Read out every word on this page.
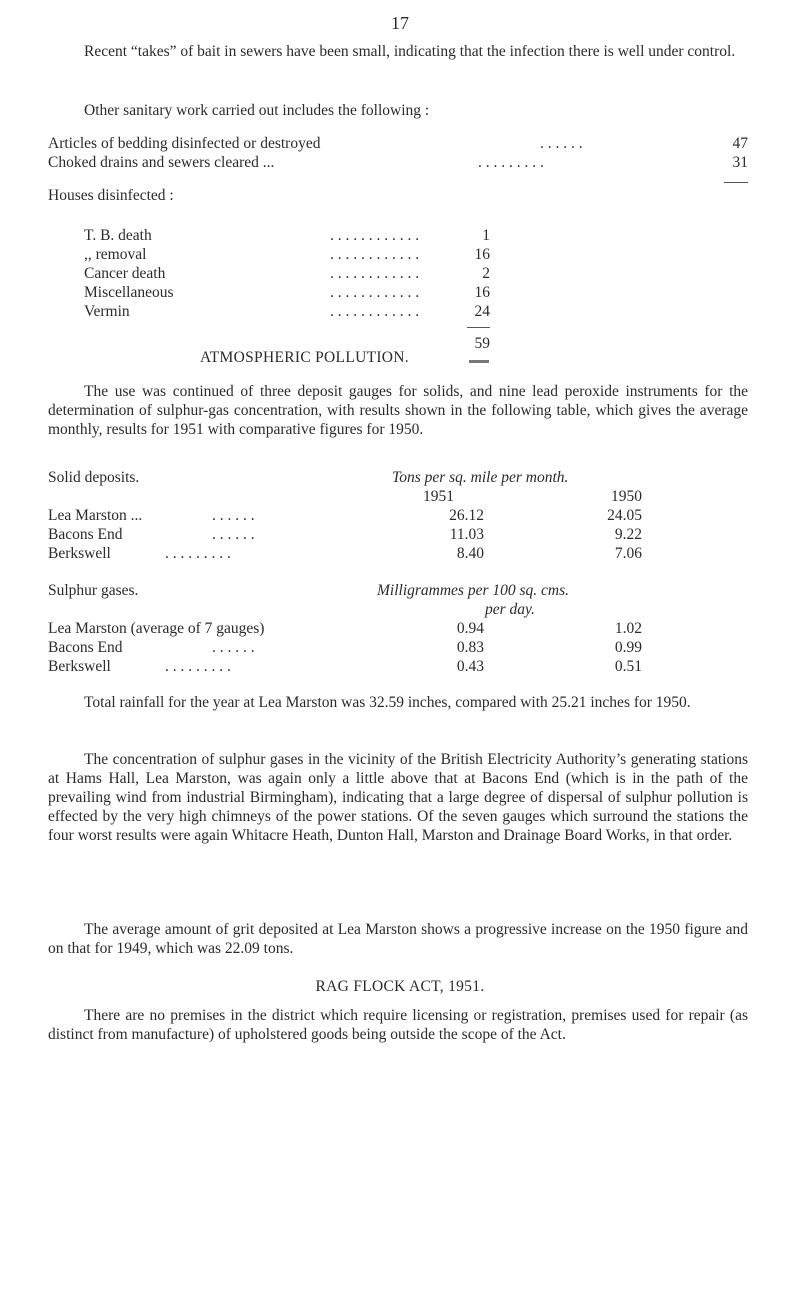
17
Recent “takes” of bait in sewers have been small, indicating that the infection there is well under control.
Other sanitary work carried out includes the following :
Articles of bedding disinfected or destroyed	. . . . . .	47
Choked drains and sewers cleared ...	. . . . . . . . .	31
Houses disinfected :
T. B. death	. . . . . . . . . . . .	1
,, removal	. . . . . . . . . . . .	16
Cancer death	. . . . . . . . . . . .	2
Miscellaneous	. . . . . . . . . . . .	16
Vermin	. . . . . . . . . . . .	24
59
ATMOSPHERIC POLLUTION.
The use was continued of three deposit gauges for solids, and nine lead peroxide instruments for the determination of sulphur-gas concentration, with results shown in the following table, which gives the average monthly, results for 1951 with comparative figures for 1950.
Solid deposits.	Tons per sq. mile per month.
1951	1950
Lea Marston ...	. . . . . .	26.12	24.05
Bacons End	. . . . . .	11.03	9.22
Berkswell	. . . . . . . . .	8.40	7.06
Sulphur gases.	Milligrammes per 100 sq. cms.
per day.
Lea Marston (average of 7 gauges)	0.94	1.02
Bacons End	. . . . . .	0.83	0.99
Berkswell	. . . . . . . . .	0.43	0.51
Total rainfall for the year at Lea Marston was 32.59 inches, compared with 25.21 inches for 1950.
The concentration of sulphur gases in the vicinity of the British Electricity Authority’s generating stations at Hams Hall, Lea Marston, was again only a little above that at Bacons End (which is in the path of the prevailing wind from industrial Birmingham), indicating that a large degree of dispersal of sulphur pollution is effected by the very high chimneys of the power stations. Of the seven gauges which surround the stations the four worst results were again Whitacre Heath, Dunton Hall, Marston and Drainage Board Works, in that order.
The average amount of grit deposited at Lea Marston shows a progressive increase on the 1950 figure and on that for 1949, which was 22.09 tons.
RAG FLOCK ACT, 1951.
There are no premises in the district which require licensing or registration, premises used for repair (as distinct from manufacture) of upholstered goods being outside the scope of the Act.
